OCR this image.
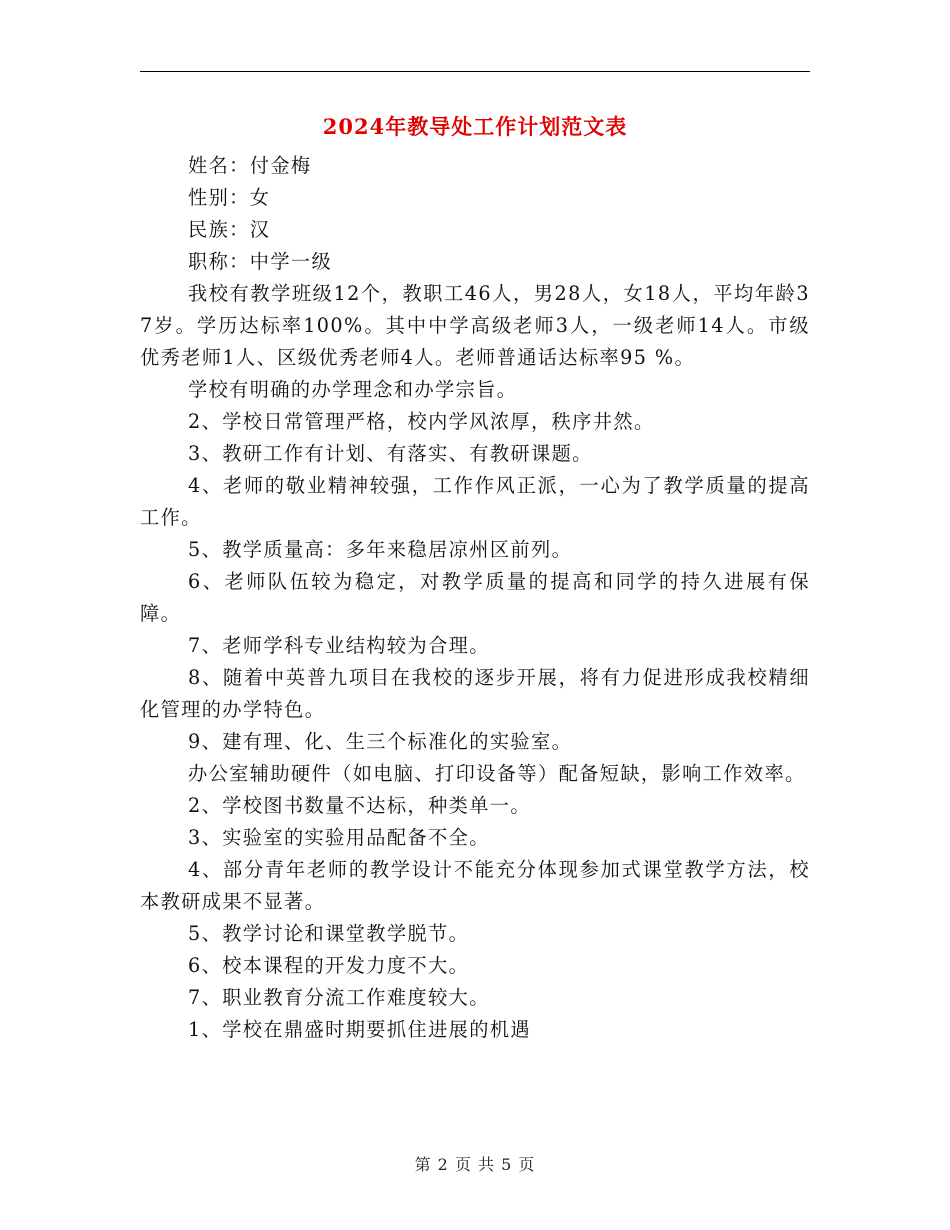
2024年教导处工作计划范文表

姓名：付金梅

性别：女

民族：汉

职称：中学一级

我校有教学班级12个，教职工46人，男28人，女18人，平均年龄37岁。学历达标率100%。其中中学高级老师3人，一级老师14人。市级优秀老师1人、区级优秀老师4人。老师普通话达标率95 %。

学校有明确的办学理念和办学宗旨。

2、学校日常管理严格，校内学风浓厚，秩序井然。

3、教研工作有计划、有落实、有教研课题。

4、老师的敬业精神较强，工作作风正派，一心为了教学质量的提高工作。

5、教学质量高：多年来稳居凉州区前列。

6、老师队伍较为稳定，对教学质量的提高和同学的持久进展有保障。

7、老师学科专业结构较为合理。

8、随着中英普九项目在我校的逐步开展，将有力促进形成我校精细化管理的办学特色。

9、建有理、化、生三个标准化的实验室。

办公室辅助硬件（如电脑、打印设备等）配备短缺，影响工作效率。

2、学校图书数量不达标，种类单一。

3、实验室的实验用品配备不全。

4、部分青年老师的教学设计不能充分体现参加式课堂教学方法，校本教研成果不显著。

5、教学讨论和课堂教学脱节。

6、校本课程的开发力度不大。

7、职业教育分流工作难度较大。

1、学校在鼎盛时期要抓住进展的机遇

第 2 页 共 5 页
